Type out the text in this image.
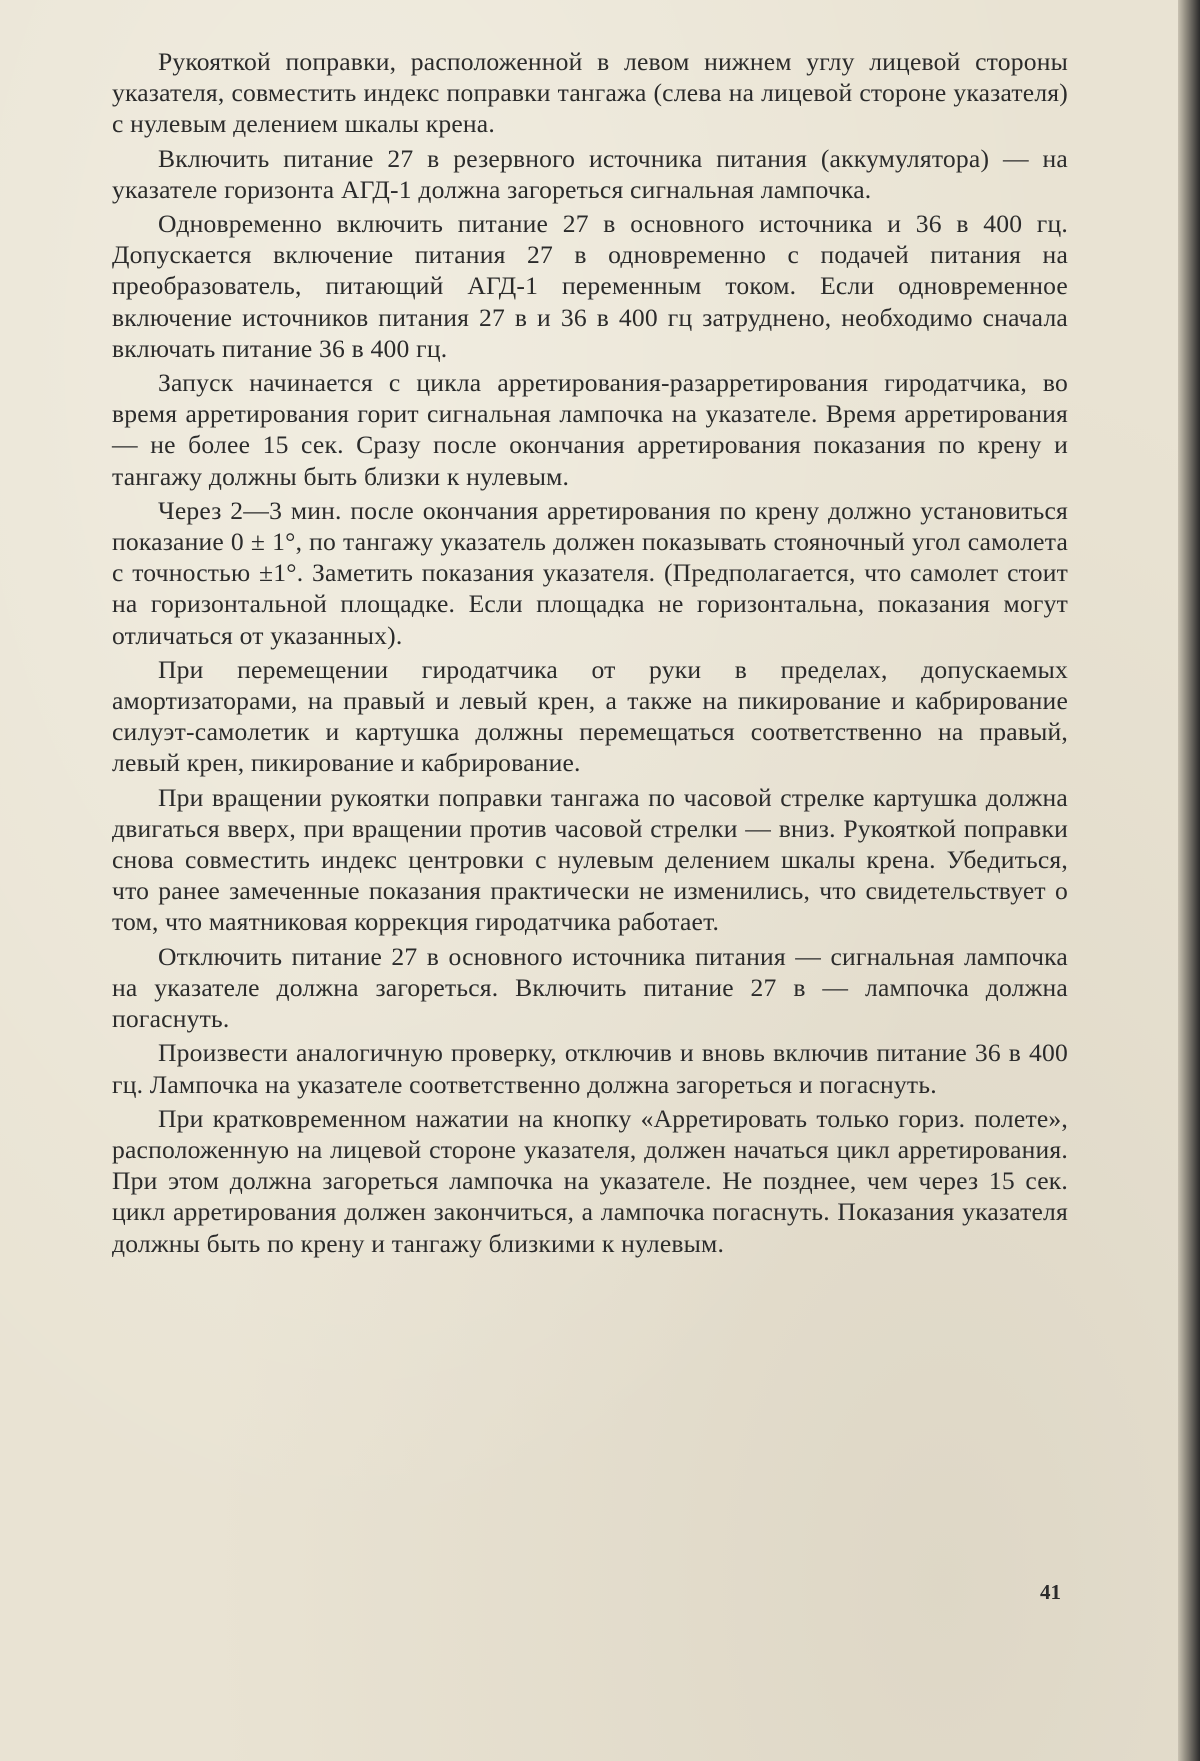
Рукояткой поправки, расположенной в левом нижнем углу лицевой стороны указателя, совместить индекс поправки тангажа (слева на лицевой стороне указателя) с нулевым делением шкалы крена.

Включить питание 27 в резервного источника питания (аккумулятора) — на указателе горизонта АГД-1 должна загореться сигнальная лампочка.

Одновременно включить питание 27 в основного источника и 36 в 400 гц. Допускается включение питания 27 в одновременно с подачей питания на преобразователь, питающий АГД-1 переменным током. Если одновременное включение источников питания 27 в и 36 в 400 гц затруднено, необходимо сначала включать питание 36 в 400 гц.

Запуск начинается с цикла арретирования-разарретирования гиродатчика, во время арретирования горит сигнальная лампочка на указателе. Время арретирования — не более 15 сек. Сразу после окончания арретирования показания по крену и тангажу должны быть близки к нулевым.

Через 2—3 мин. после окончания арретирования по крену должно установиться показание 0 ± 1°, по тангажу указатель должен показывать стояночный угол самолета с точностью ±1°. Заметить показания указателя. (Предполагается, что самолет стоит на горизонтальной площадке. Если площадка не горизонтальна, показания могут отличаться от указанных).

При перемещении гиродатчика от руки в пределах, допускаемых амортизаторами, на правый и левый крен, а также на пикирование и кабрирование силуэт-самолетик и картушка должны перемещаться соответственно на правый, левый крен, пикирование и кабрирование.

При вращении рукоятки поправки тангажа по часовой стрелке картушка должна двигаться вверх, при вращении против часовой стрелки — вниз. Рукояткой поправки снова совместить индекс центровки с нулевым делением шкалы крена. Убедиться, что ранее замеченные показания практически не изменились, что свидетельствует о том, что маятниковая коррекция гиродатчика работает.

Отключить питание 27 в основного источника питания — сигнальная лампочка на указателе должна загореться. Включить питание 27 в — лампочка должна погаснуть.

Произвести аналогичную проверку, отключив и вновь включив питание 36 в 400 гц. Лампочка на указателе соответственно должна загореться и погаснуть.

При кратковременном нажатии на кнопку «Арретировать только гориз. полете», расположенную на лицевой стороне указателя, должен начаться цикл арретирования. При этом должна загореться лампочка на указателе. Не позднее, чем через 15 сек. цикл арретирования должен закончиться, а лампочка погаснуть. Показания указателя должны быть по крену и тангажу близкими к нулевым.

41
